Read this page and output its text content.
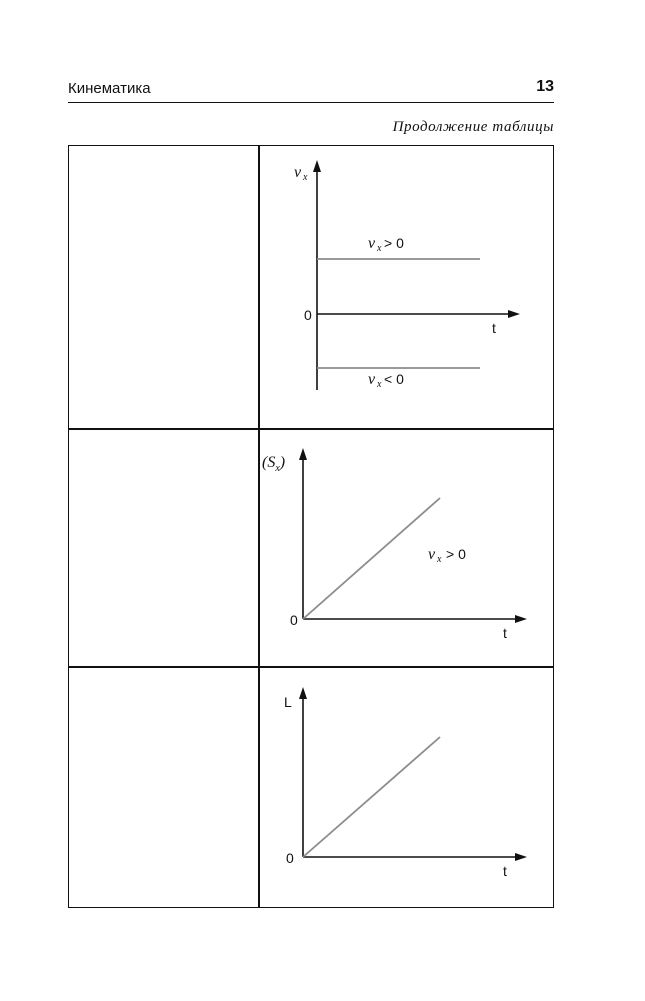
Кинематика	13
Продолжение таблицы
v x
0
t
v x > 0
v x < 0
$(S_x)$
0
t
v x > 0
L
0
t
